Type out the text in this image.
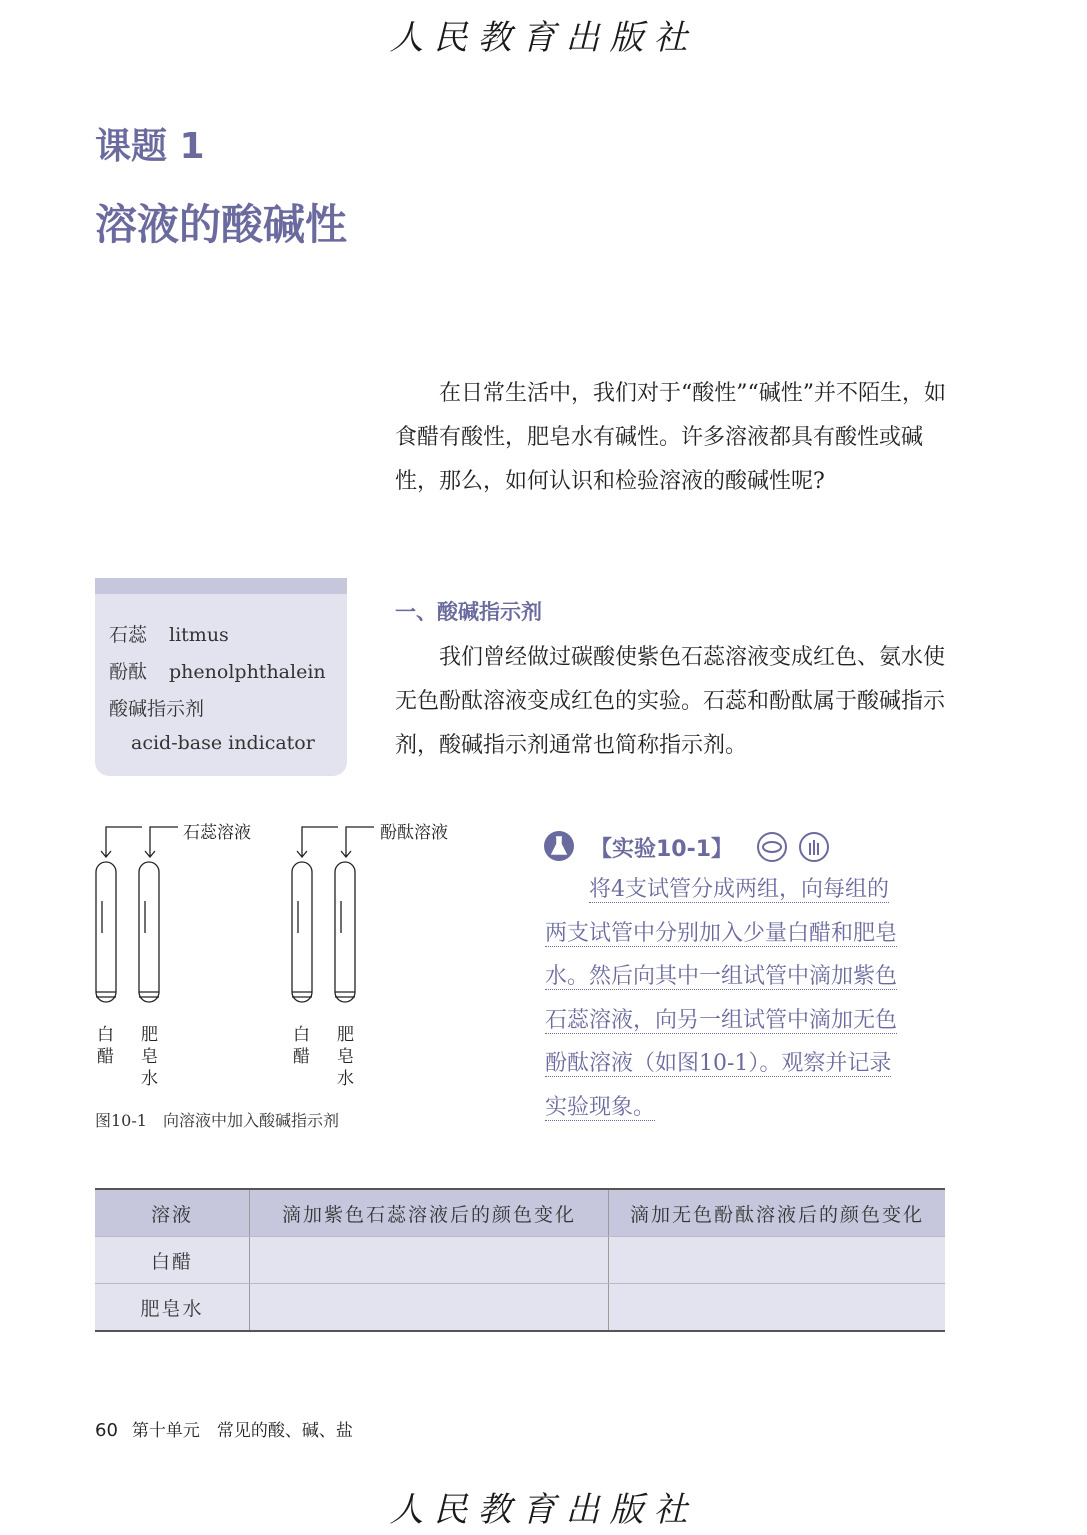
人民教育出版社
课题 1
溶液的酸碱性
在日常生活中，我们对于“酸性”“碱性”并不陌生，如食醋有酸性，肥皂水有碱性。许多溶液都具有酸性或碱性，那么，如何认识和检验溶液的酸碱性呢?
石蕊 litmus
酚酞 phenolphthalein
酸碱指示剂
acid-base indicator
一、酸碱指示剂
我们曾经做过碳酸使紫色石蕊溶液变成红色、氨水使无色酚酞溶液变成红色的实验。石蕊和酚酞属于酸碱指示剂，酸碱指示剂通常也简称指示剂。
石蕊溶液	酚酞溶液
白醋
肥皂水
白醋
肥皂水
图10-1　向溶液中加入酸碱指示剂
【实验10-1】
将4支试管分成两组，向每组的
两支试管中分别加入少量白醋和肥皂
水。然后向其中一组试管中滴加紫色
石蕊溶液，向另一组试管中滴加无色
酚酞溶液（如图10-1）。观察并记录
实验现象。
溶液	滴加紫色石蕊溶液后的颜色变化	滴加无色酚酞溶液后的颜色变化
白醋		
肥皂水		
60 第十单元　常见的酸、碱、盐
人民教育出版社
